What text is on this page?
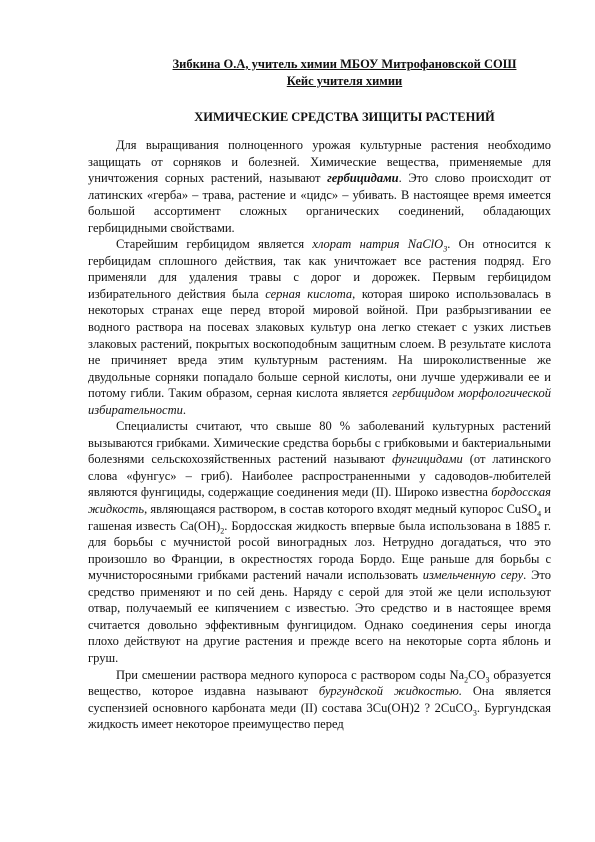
Зибкина О.А, учитель химии МБОУ Митрофановской СОШ
Кейс учителя химии
ХИМИЧЕСКИЕ СРЕДСТВА ЗИЩИТЫ РАСТЕНИЙ

Для выращивания полноценного урожая культурные растения необходимо защищать от сорняков и болезней. Химические вещества, применяемые для уничтожения сорных растений, называют гербицидами. Это слово происходит от латинских «герба» – трава, растение и «цидс» – убивать. В настоящее время имеется большой ассортимент сложных органических соединений, обладающих гербицидными свойствами.

Старейшим гербицидом является хлорат натрия NaClO$_3$. Он относится к гербицидам сплошного действия, так как уничтожает все растения подряд. Его применяли для удаления травы с дорог и дорожек. Первым гербицидом избирательного действия была серная кислота, которая широко использовалась в некоторых странах еще перед второй мировой войной. При разбрызгивании ее водного раствора на посевах злаковых культур она легко стекает с узких листьев злаковых растений, покрытых воскоподобным защитным слоем. В результате кислота не причиняет вреда этим культурным растениям. На широколиственные же двудольные сорняки попадало больше серной кислоты, они лучше удерживали ее и потому гибли. Таким образом, серная кислота является гербицидом морфологической избирательности.

Специалисты считают, что свыше 80 % заболеваний культурных растений вызываются грибками. Химические средства борьбы с грибковыми и бактериальными болезнями сельскохозяйственных растений называют фунгицидами (от латинского слова «фунгус» – гриб). Наиболее распространенными у садоводов-любителей являются фунгициды, содержащие соединения меди (II). Широко известна бордосская жидкость, являющаяся раствором, в состав которого входят медный купорос CuSO$_4$ и гашеная известь $Ca(OH)_2$. Бордосская жидкость впервые была использована в 1885 г. для борьбы с мучнистой росой виноградных лоз. Нетрудно догадаться, что это произошло во Франции, в окрестностях города Бордо. Еще раньше для борьбы с мучнисторосяными грибками растений начали использовать измельченную серу. Это средство применяют и по сей день. Наряду с серой для этой же цели используют отвар, получаемый ее кипячением с известью. Это средство и в настоящее время считается довольно эффективным фунгицидом. Однако соединения серы иногда плохо действуют на другие растения и прежде всего на некоторые сорта яблонь и груш.

При смешении раствора медного купороса с раствором соды $Na_2CO_3$ образуется вещество, которое издавна называют бургундской жидкостью. Она является суспензией основного карбоната меди (II) состава 3Cu(OH)2 ? 2CuCO$_3$. Бургундская жидкость имеет некоторое преимущество перед
